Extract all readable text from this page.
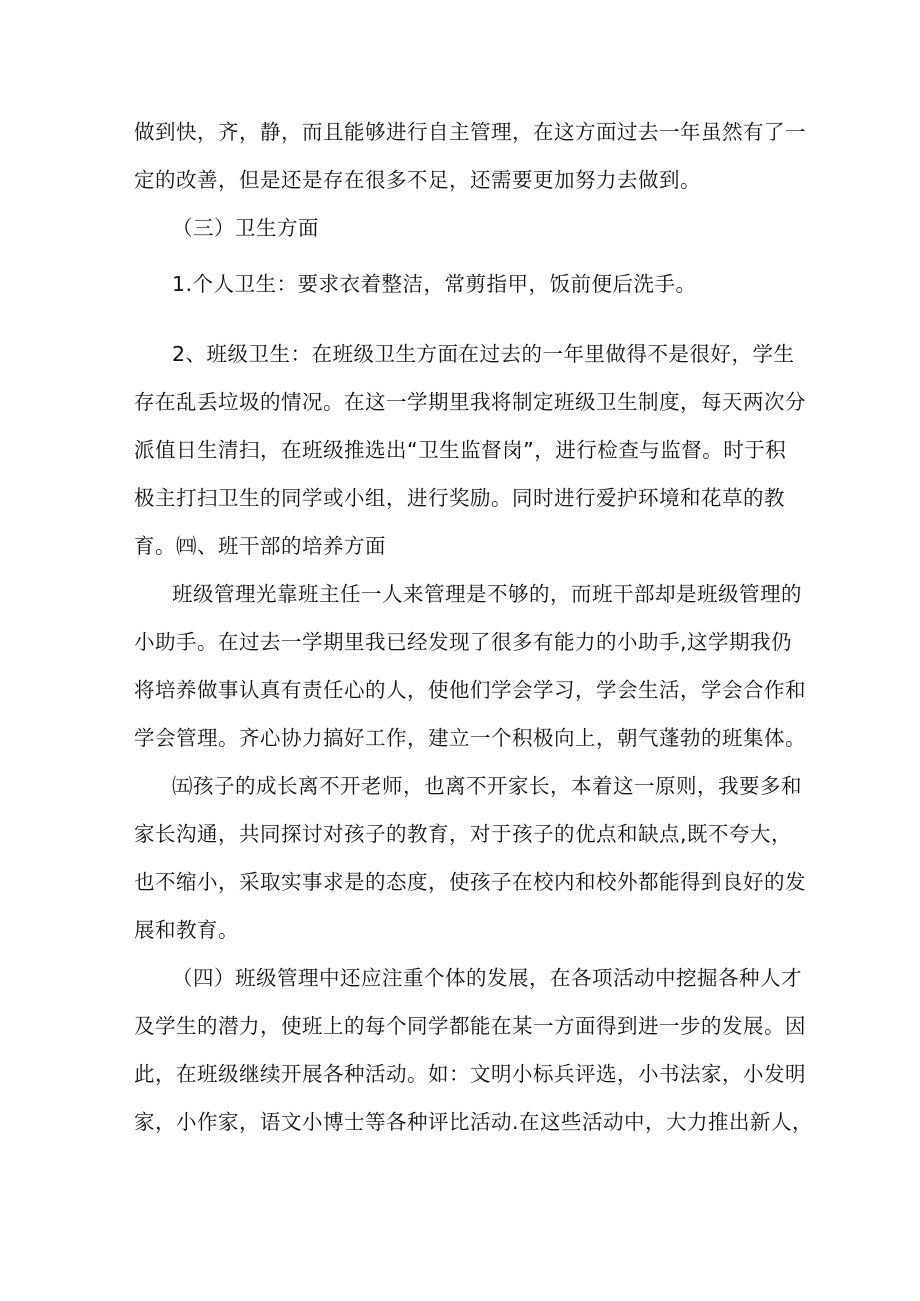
做到快，齐，静，而且能够进行自主管理，在这方面过去一年虽然有了一
定的改善，但是还是存在很多不足，还需要更加努力去做到。
（三）卫生方面
1.个人卫生：要求衣着整洁，常剪指甲，饭前便后洗手。
2、班级卫生：在班级卫生方面在过去的一年里做得不是很好，学生
存在乱丢垃圾的情况。在这一学期里我将制定班级卫生制度，每天两次分
派值日生清扫，在班级推选出“卫生监督岗”，进行检查与监督。时于积
极主打扫卫生的同学或小组，进行奖励。同时进行爱护环境和花草的教
育。㈣、班干部的培养方面
班级管理光靠班主任一人来管理是不够的，而班干部却是班级管理的
小助手。在过去一学期里我已经发现了很多有能力的小助手,这学期我仍
将培养做事认真有责任心的人，使他们学会学习，学会生活，学会合作和
学会管理。齐心协力搞好工作，建立一个积极向上，朝气蓬勃的班集体。
㈤孩子的成长离不开老师，也离不开家长，本着这一原则，我要多和
家长沟通，共同探讨对孩子的教育，对于孩子的优点和缺点,既不夸大，
也不缩小，采取实事求是的态度，使孩子在校内和校外都能得到良好的发
展和教育。
（四）班级管理中还应注重个体的发展，在各项活动中挖掘各种人才
及学生的潜力，使班上的每个同学都能在某一方面得到进一步的发展。因
此，在班级继续开展各种活动。如：文明小标兵评选，小书法家，小发明
家，小作家，语文小博士等各种评比活动.在这些活动中，大力推出新人，
